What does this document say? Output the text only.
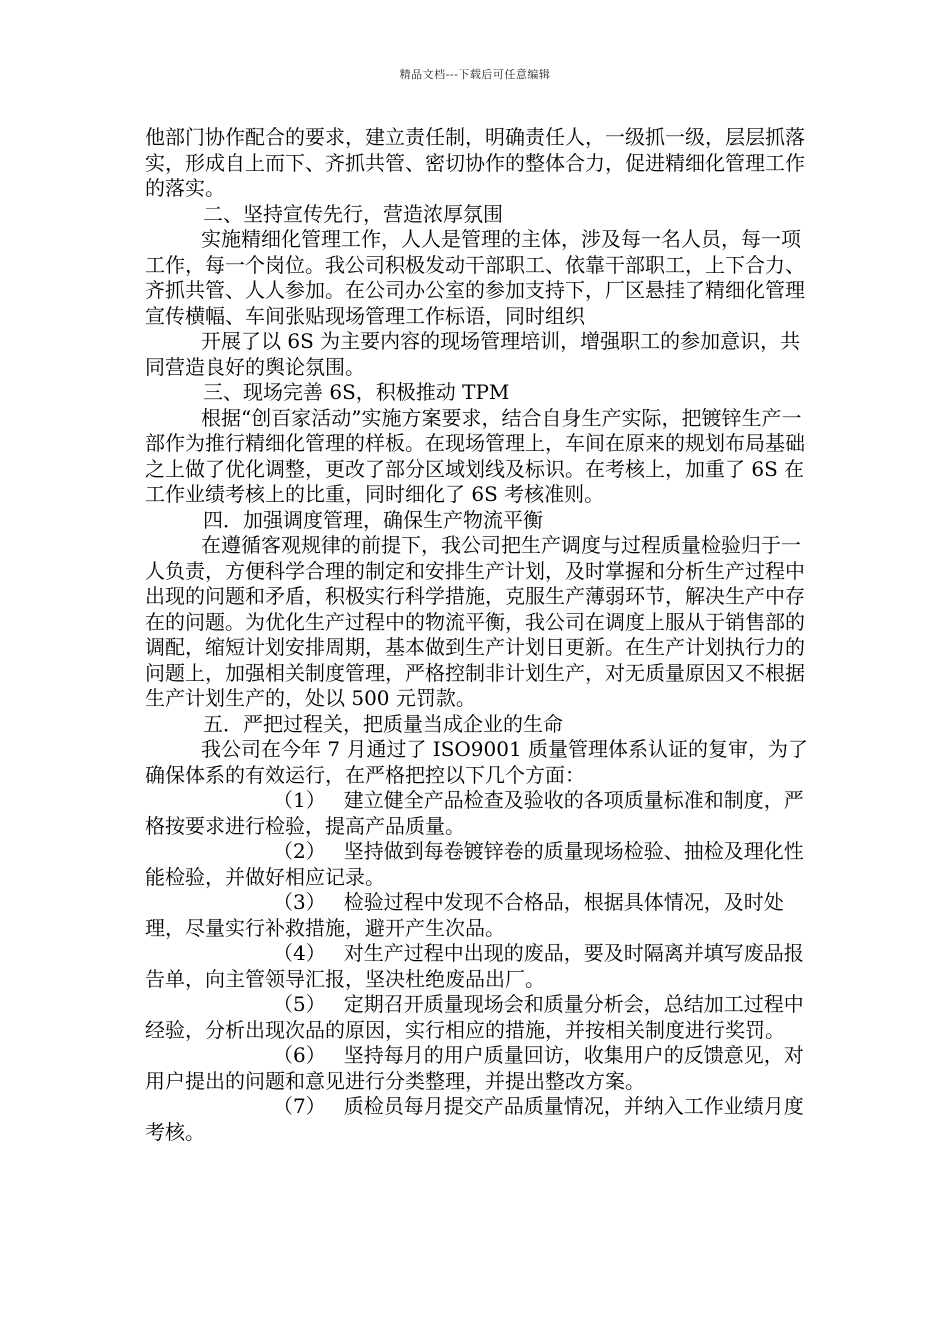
精品文档---下载后可任意编辑

他部门协作配合的要求，建立责任制，明确责任人，一级抓一级，层层抓落实，形成自上而下、齐抓共管、密切协作的整体合力，促进精细化管理工作的落实。

二、坚持宣传先行，营造浓厚氛围

实施精细化管理工作，人人是管理的主体，涉及每一名人员，每一项工作，每一个岗位。我公司积极发动干部职工、依靠干部职工，上下合力、齐抓共管、人人参加。在公司办公室的参加支持下，厂区悬挂了精细化管理宣传横幅、车间张贴现场管理工作标语，同时组织

开展了以 6S 为主要内容的现场管理培训，增强职工的参加意识，共同营造良好的舆论氛围。

三、现场完善 6S，积极推动 TPM

根据“创百家活动”实施方案要求，结合自身生产实际，把镀锌生产一部作为推行精细化管理的样板。在现场管理上，车间在原来的规划布局基础之上做了优化调整，更改了部分区域划线及标识。在考核上，加重了 6S 在工作业绩考核上的比重，同时细化了 6S 考核准则。

四．加强调度管理，确保生产物流平衡

在遵循客观规律的前提下，我公司把生产调度与过程质量检验归于一人负责，方便科学合理的制定和安排生产计划，及时掌握和分析生产过程中出现的问题和矛盾，积极实行科学措施，克服生产薄弱环节，解决生产中存在的问题。为优化生产过程中的物流平衡，我公司在调度上服从于销售部的调配，缩短计划安排周期，基本做到生产计划日更新。在生产计划执行力的问题上，加强相关制度管理，严格控制非计划生产，对无质量原因又不根据生产计划生产的，处以 500 元罚款。

五．严把过程关，把质量当成企业的生命

我公司在今年 7 月通过了 ISO9001 质量管理体系认证的复审，为了确保体系的有效运行，在严格把控以下几个方面：

（1） 建立健全产品检查及验收的各项质量标准和制度，严格按要求进行检验，提高产品质量。

（2） 坚持做到每卷镀锌卷的质量现场检验、抽检及理化性能检验，并做好相应记录。

（3） 检验过程中发现不合格品，根据具体情况，及时处理，尽量实行补救措施，避开产生次品。

（4） 对生产过程中出现的废品，要及时隔离并填写废品报告单，向主管领导汇报，坚决杜绝废品出厂。

（5） 定期召开质量现场会和质量分析会，总结加工过程中经验，分析出现次品的原因，实行相应的措施，并按相关制度进行奖罚。

（6） 坚持每月的用户质量回访，收集用户的反馈意见，对用户提出的问题和意见进行分类整理，并提出整改方案。

（7） 质检员每月提交产品质量情况，并纳入工作业绩月度考核。
